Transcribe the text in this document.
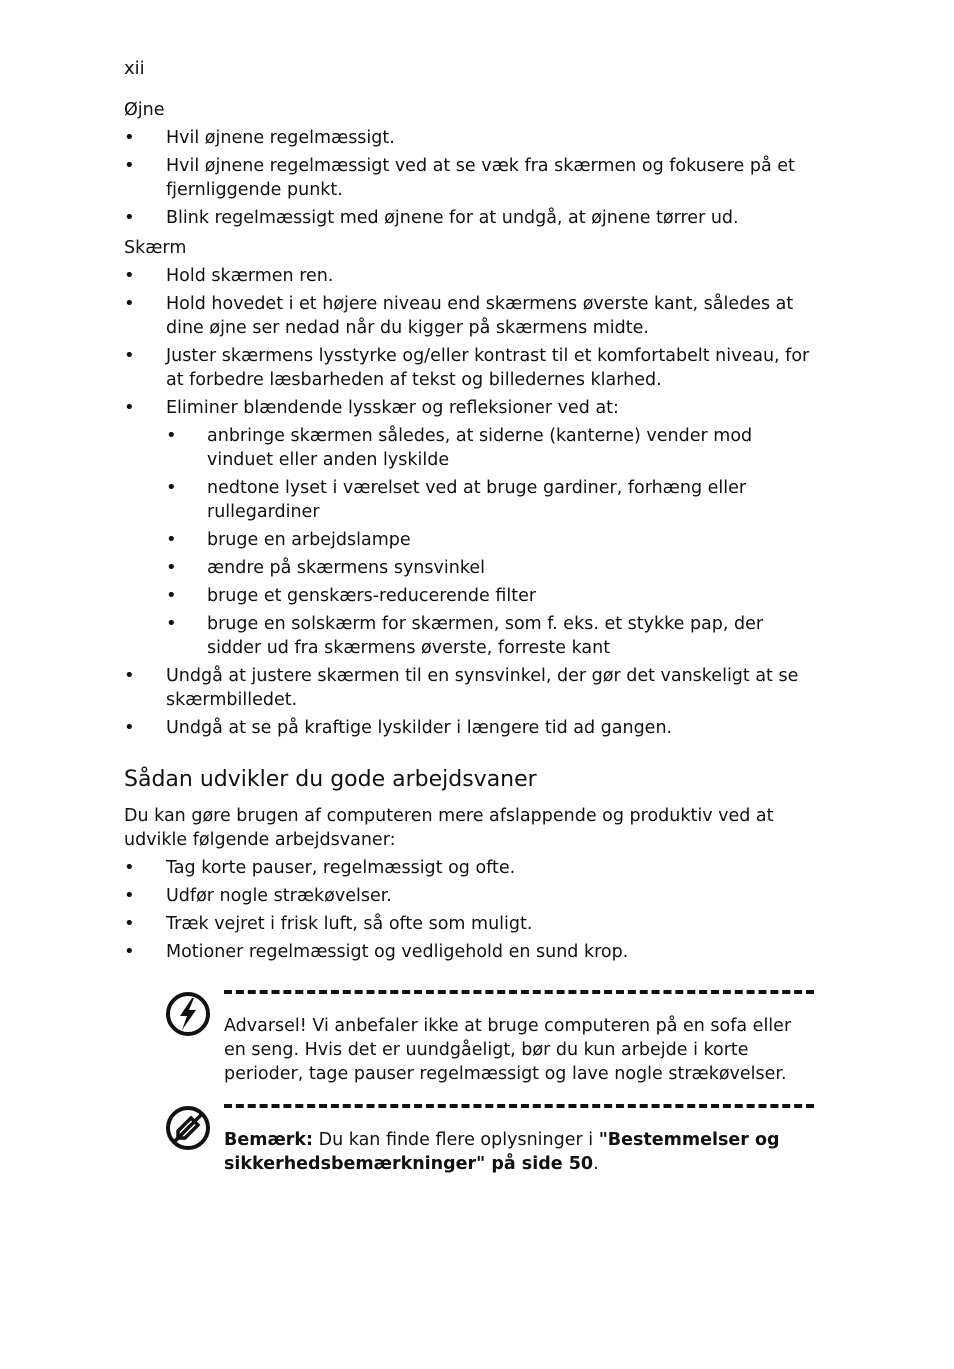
xii

Øjne

• Hvil øjnene regelmæssigt.
• Hvil øjnene regelmæssigt ved at se væk fra skærmen og fokusere på et fjernliggende punkt.
• Blink regelmæssigt med øjnene for at undgå, at øjnene tørrer ud.

Skærm

• Hold skærmen ren.
• Hold hovedet i et højere niveau end skærmens øverste kant, således at dine øjne ser nedad når du kigger på skærmens midte.
• Juster skærmens lysstyrke og/eller kontrast til et komfortabelt niveau, for at forbedre læsbarheden af tekst og billedernes klarhed.
• Eliminer blændende lysskær og refleksioner ved at:
• anbringe skærmen således, at siderne (kanterne) vender mod vinduet eller anden lyskilde
• nedtone lyset i værelset ved at bruge gardiner, forhæng eller rullegardiner
• bruge en arbejdslampe
• ændre på skærmens synsvinkel
• bruge et genskærs-reducerende filter
• bruge en solskærm for skærmen, som f. eks. et stykke pap, der sidder ud fra skærmens øverste, forreste kant
• Undgå at justere skærmen til en synsvinkel, der gør det vanskeligt at se skærmbilledet.
• Undgå at se på kraftige lyskilder i længere tid ad gangen.
Sådan udvikler du gode arbejdsvaner

Du kan gøre brugen af computeren mere afslappende og produktiv ved at udvikle følgende arbejdsvaner:

• Tag korte pauser, regelmæssigt og ofte.
• Udfør nogle strækøvelser.
• Træk vejret i frisk luft, så ofte som muligt.
• Motioner regelmæssigt og vedligehold en sund krop.

Advarsel! Vi anbefaler ikke at bruge computeren på en sofa eller en seng. Hvis det er uundgåeligt, bør du kun arbejde i korte perioder, tage pauser regelmæssigt og lave nogle strækøvelser.

Bemærk: Du kan finde flere oplysninger i "Bestemmelser og sikkerhedsbemærkninger" på side 50.
